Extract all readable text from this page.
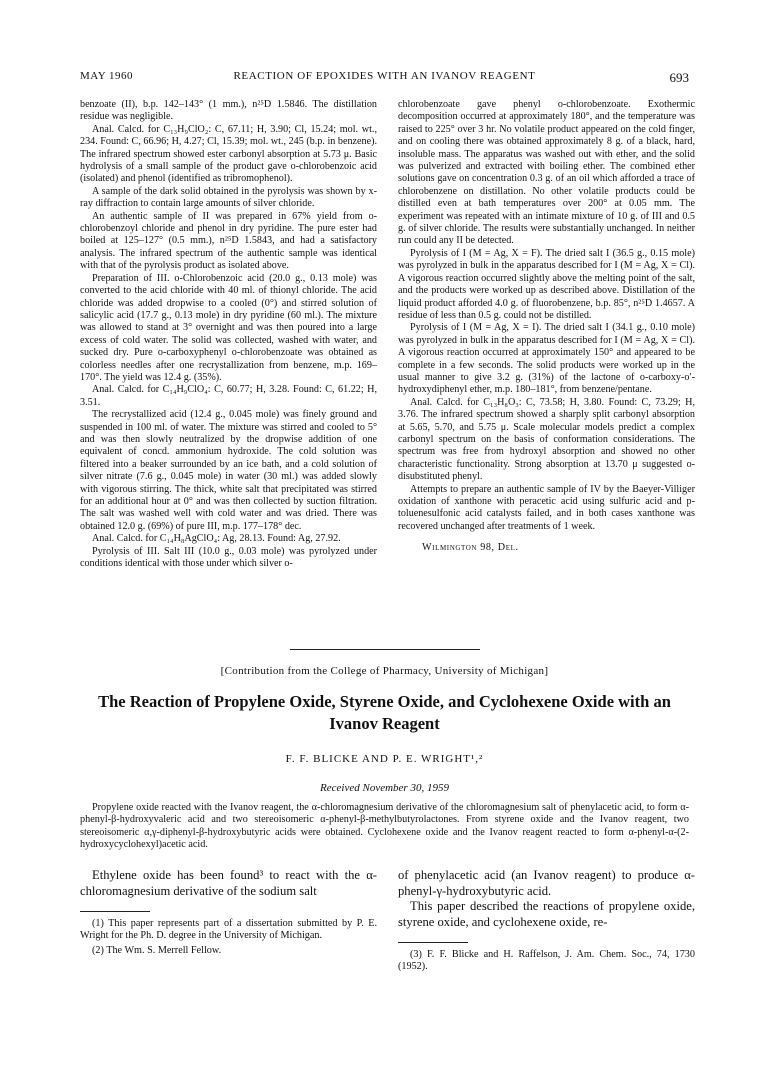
MAY 1960	REACTION OF EPOXIDES WITH AN IVANOV REAGENT	693

benzoate (II), b.p. 142–143° (1 mm.), n²⁵D 1.5846. The distillation residue was negligible.

Anal. Calcd. for C₁₃H₉ClO₂: C, 67.11; H, 3.90; Cl, 15.24; mol. wt., 234. Found: C, 66.96; H, 4.27; Cl, 15.39; mol. wt., 245 (b.p. in benzene). The infrared spectrum showed ester carbonyl absorption at 5.73 μ. Basic hydrolysis of a small sample of the product gave o-chlorobenzoic acid (isolated) and phenol (identified as tribromophenol).

A sample of the dark solid obtained in the pyrolysis was shown by x-ray diffraction to contain large amounts of silver chloride.

An authentic sample of II was prepared in 67% yield from o-chlorobenzoyl chloride and phenol in dry pyridine. The pure ester had boiled at 125–127° (0.5 mm.), n²⁵D 1.5843, and had a satisfactory analysis. The infrared spectrum of the authentic sample was identical with that of the pyrolysis product as isolated above.

Preparation of III. o-Chlorobenzoic acid (20.0 g., 0.13 mole) was converted to the acid chloride with 40 ml. of thionyl chloride. The acid chloride was added dropwise to a cooled (0°) and stirred solution of salicylic acid (17.7 g., 0.13 mole) in dry pyridine (60 ml.). The mixture was allowed to stand at 3° overnight and was then poured into a large excess of cold water. The solid was collected, washed with water, and sucked dry. Pure o-carboxyphenyl o-chlorobenzoate was obtained as colorless needles after one recrystallization from benzene, m.p. 169–170°. The yield was 12.4 g. (35%).

Anal. Calcd. for C₁₄H₉ClO₄: C, 60.77; H, 3.28. Found: C, 61.22; H, 3.51.

The recrystallized acid (12.4 g., 0.045 mole) was finely ground and suspended in 100 ml. of water. The mixture was stirred and cooled to 5° and was then slowly neutralized by the dropwise addition of one equivalent of concd. ammonium hydroxide. The cold solution was filtered into a beaker surrounded by an ice bath, and a cold solution of silver nitrate (7.6 g., 0.045 mole) in water (30 ml.) was added slowly with vigorous stirring. The thick, white salt that precipitated was stirred for an additional hour at 0° and was then collected by suction filtration. The salt was washed well with cold water and was dried. There was obtained 12.0 g. (69%) of pure III, m.p. 177–178° dec.

Anal. Calcd. for C₁₄H₈AgClO₄: Ag, 28.13. Found: Ag, 27.92.

Pyrolysis of III. Salt III (10.0 g., 0.03 mole) was pyrolyzed under conditions identical with those under which silver o-

chlorobenzoate gave phenyl o-chlorobenzoate. Exothermic decomposition occurred at approximately 180°, and the temperature was raised to 225° over 3 hr. No volatile product appeared on the cold finger, and on cooling there was obtained approximately 8 g. of a black, hard, insoluble mass. The apparatus was washed out with ether, and the solid was pulverized and extracted with boiling ether. The combined ether solutions gave on concentration 0.3 g. of an oil which afforded a trace of chlorobenzene on distillation. No other volatile products could be distilled even at bath temperatures over 200° at 0.05 mm. The experiment was repeated with an intimate mixture of 10 g. of III and 0.5 g. of silver chloride. The results were substantially unchanged. In neither run could any II be detected.

Pyrolysis of I (M = Ag, X = F). The dried salt I (36.5 g., 0.15 mole) was pyrolyzed in bulk in the apparatus described for I (M = Ag, X = Cl). A vigorous reaction occurred slightly above the melting point of the salt, and the products were worked up as described above. Distillation of the liquid product afforded 4.0 g. of fluorobenzene, b.p. 85°, n²⁵D 1.4657. A residue of less than 0.5 g. could not be distilled.

Pyrolysis of I (M = Ag, X = I). The dried salt I (34.1 g., 0.10 mole) was pyrolyzed in bulk in the apparatus described for I (M = Ag, X = Cl). A vigorous reaction occurred at approximately 150° and appeared to be complete in a few seconds. The solid products were worked up in the usual manner to give 3.2 g. (31%) of the lactone of o-carboxy-o′-hydroxydiphenyl ether, m.p. 180–181°, from benzene/pentane.

Anal. Calcd. for C₁₃H₈O₃: C, 73.58; H, 3.80. Found: C, 73.29; H, 3.76. The infrared spectrum showed a sharply split carbonyl absorption at 5.65, 5.70, and 5.75 μ. Scale molecular models predict a complex carbonyl spectrum on the basis of conformation considerations. The spectrum was free from hydroxyl absorption and showed no other characteristic functionality. Strong absorption at 13.70 μ suggested o-disubstituted phenyl.

Attempts to prepare an authentic sample of IV by the Baeyer-Villiger oxidation of xanthone with peracetic acid using sulfuric acid and p-toluenesulfonic acid catalysts failed, and in both cases xanthone was recovered unchanged after treatments of 1 week.

Wilmington 98, Del.

[Contribution from the College of Pharmacy, University of Michigan]
The Reaction of Propylene Oxide, Styrene Oxide, and Cyclohexene Oxide with an Ivanov Reagent
F. F. BLICKE AND P. E. WRIGHT¹,²
Received November 30, 1959
Propylene oxide reacted with the Ivanov reagent, the α-chloromagnesium derivative of the chloromagnesium salt of phenylacetic acid, to form α-phenyl-β-hydroxyvaleric acid and two stereoisomeric α-phenyl-β-methylbutyrolactones. From styrene oxide and the Ivanov reagent, two stereoisomeric α,γ-diphenyl-β-hydroxybutyric acids were obtained. Cyclohexene oxide and the Ivanov reagent reacted to form α-phenyl-α-(2-hydroxycyclohexyl)acetic acid.

Ethylene oxide has been found³ to react with the α-chloromagnesium derivative of the sodium salt

(1) This paper represents part of a dissertation submitted by P. E. Wright for the Ph. D. degree in the University of Michigan.
(2) The Wm. S. Merrell Fellow.

of phenylacetic acid (an Ivanov reagent) to produce α-phenyl-γ-hydroxybutyric acid.

This paper described the reactions of propylene oxide, styrene oxide, and cyclohexene oxide, re-

(3) F. F. Blicke and H. Raffelson, J. Am. Chem. Soc., 74, 1730 (1952).
